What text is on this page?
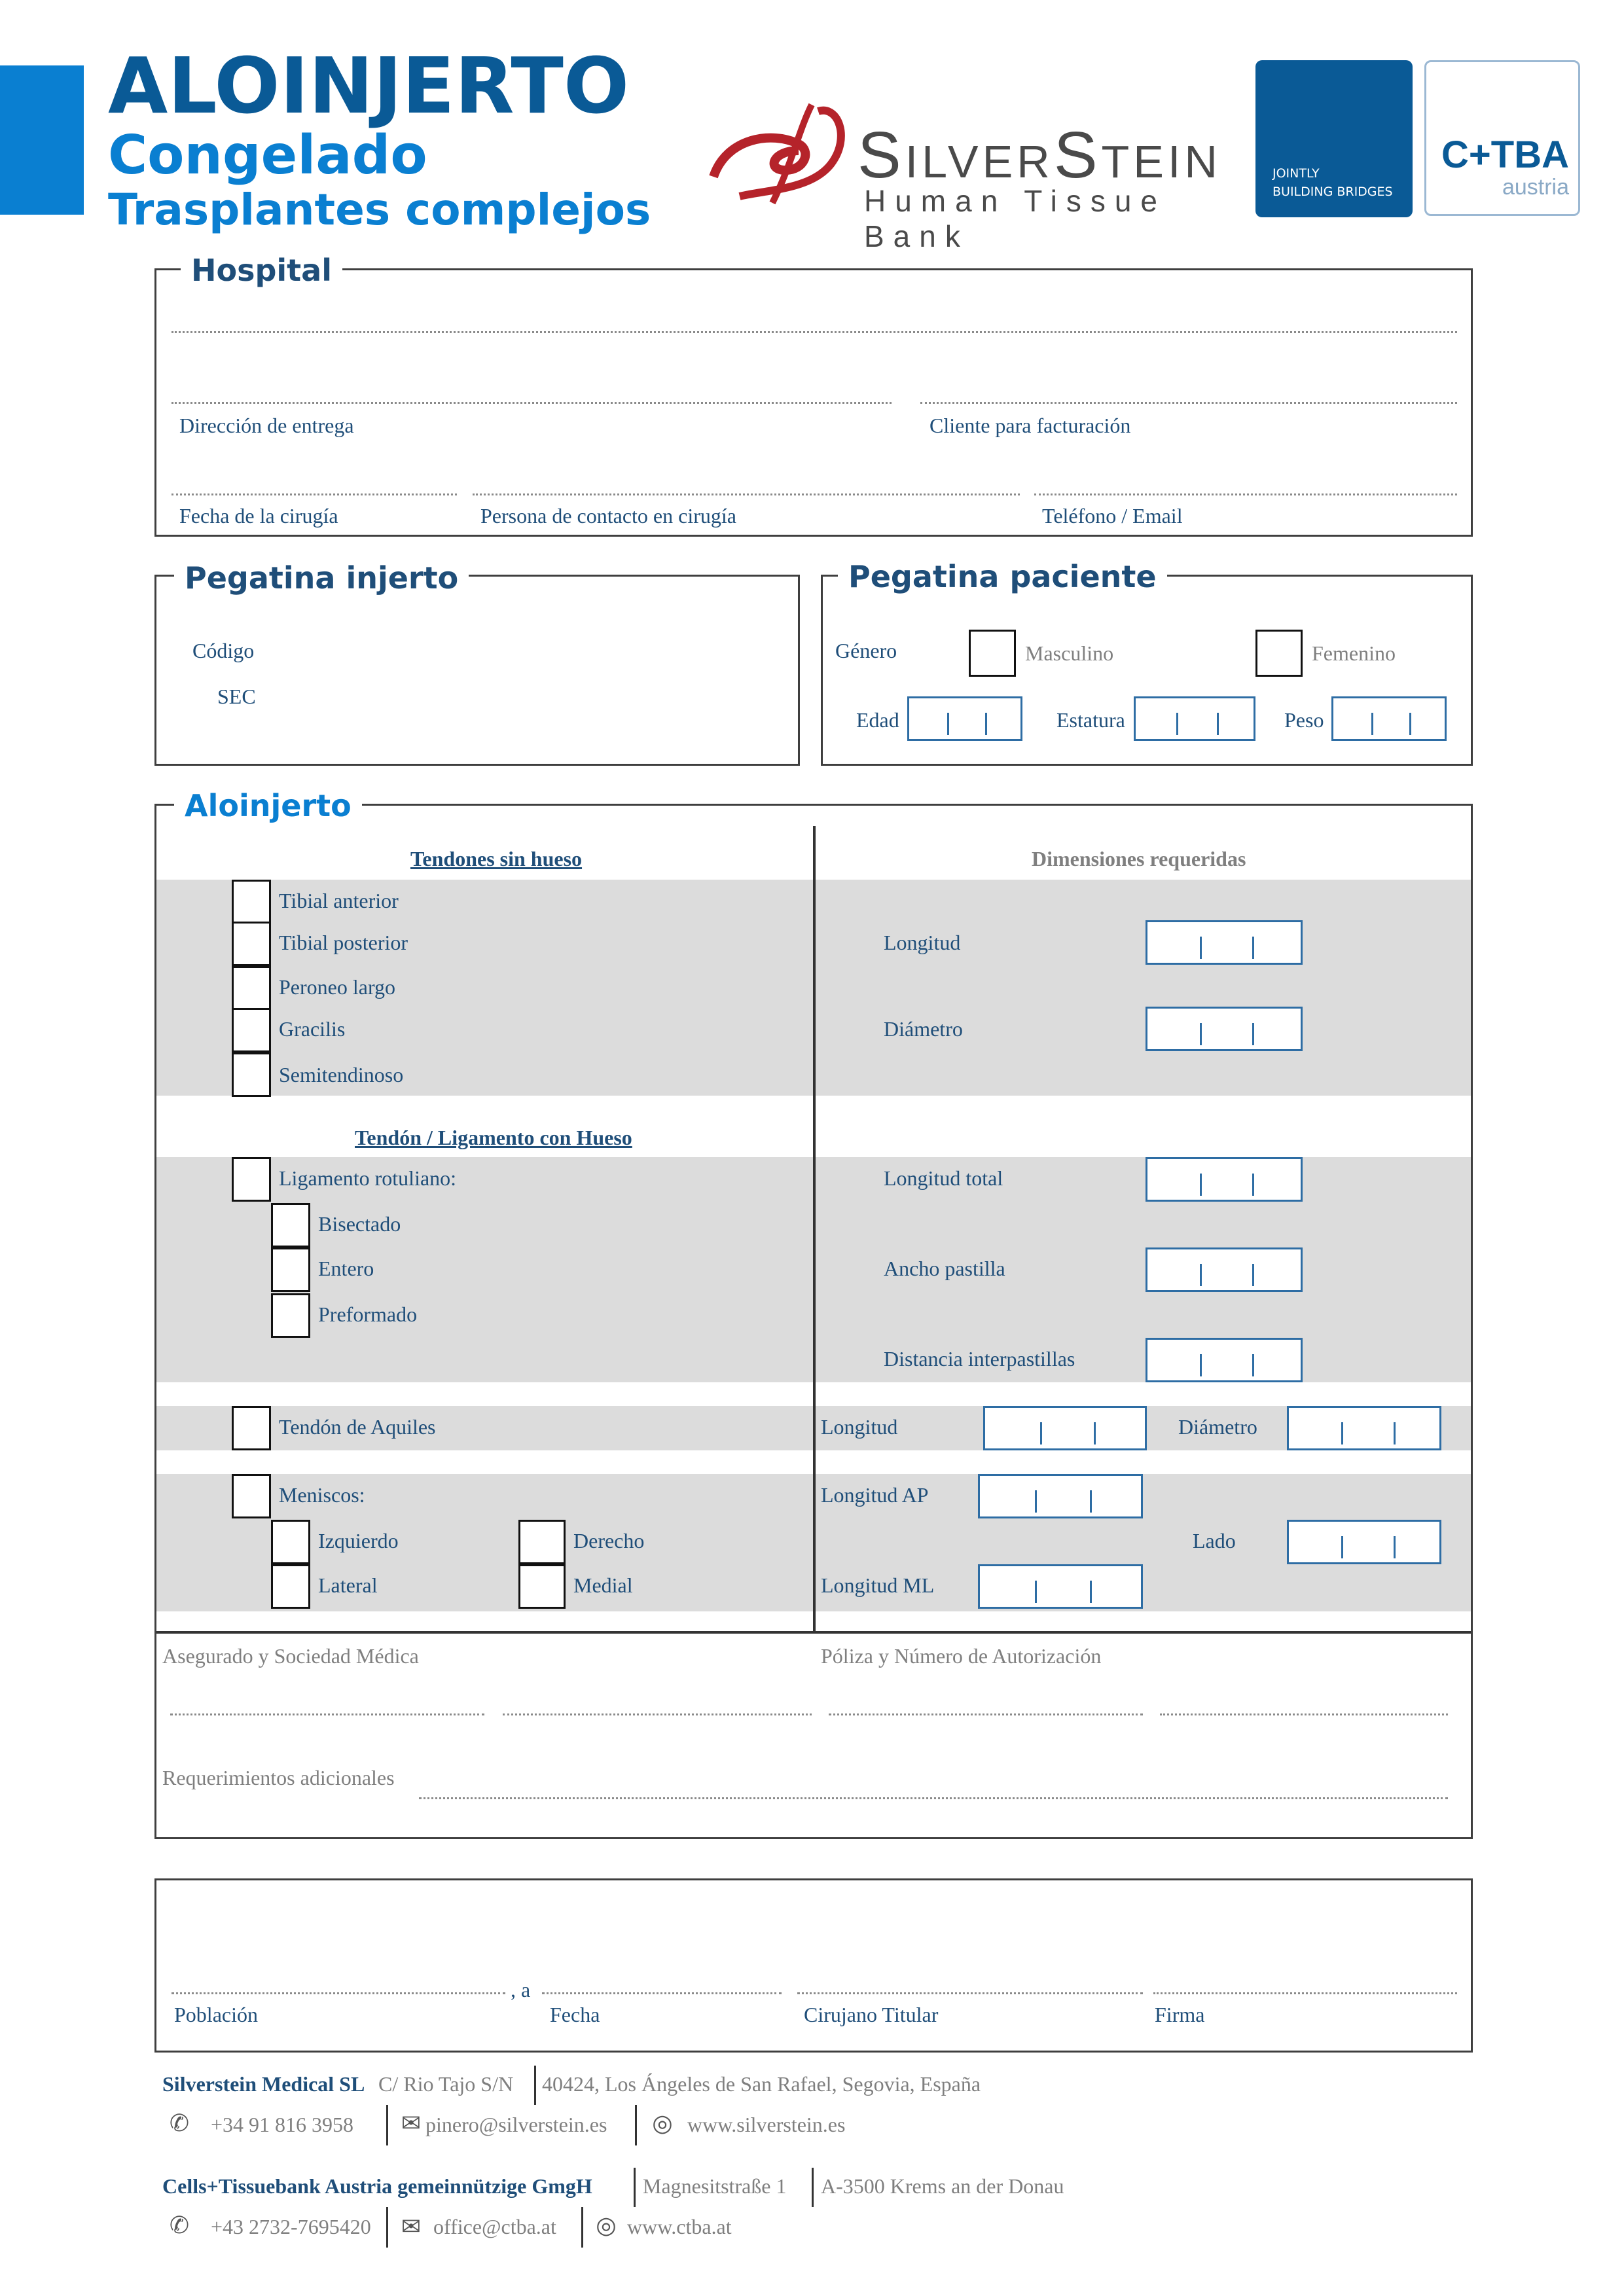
ALOINJERTO
Congelado
Trasplantes complejos
SilverStein
Human Tissue Bank
JOINTLY
BUILDING BRIDGES
C+TBA
austria
Hospital
Dirección de entrega	Cliente para facturación
Fecha de la cirugía	Persona de contacto en cirugía	Teléfono / Email
Pegatina injerto
Código
SEC
Pegatina paciente
Género	Masculino	Femenino
Edad	Estatura	Peso
Aloinjerto
Tendones sin hueso	Dimensiones requeridas
Tibial anterior
Tibial posterior
Peroneo largo
Gracilis
Semitendinoso
Longitud
Diámetro
Tendón / Ligamento con Hueso
Ligamento rotuliano:
Bisectado
Entero
Preformado
Longitud total
Ancho pastilla
Distancia interpastillas
Tendón de Aquiles	Longitud	Diámetro
Meniscos:
Izquierdo	Derecho
Lateral	Medial
Longitud AP
Lado
Longitud ML
Asegurado y Sociedad Médica	Póliza y Número de Autorización
Requerimientos adicionales
, a
Población	Fecha	Cirujano Titular	Firma
Silverstein Medical SL C/ Rio Tajo S/N 40424, Los Ángeles de San Rafael, Segovia, España
✆ +34 91 816 3958 ✉ pinero@silverstein.es ◎ www.silverstein.es
Cells+Tissuebank Austria gemeinnützige GmgH Magnesitstraße 1 A-3500 Krems an der Donau
✆ +43 2732-7695420 ✉ office@ctba.at ◎ www.ctba.at
